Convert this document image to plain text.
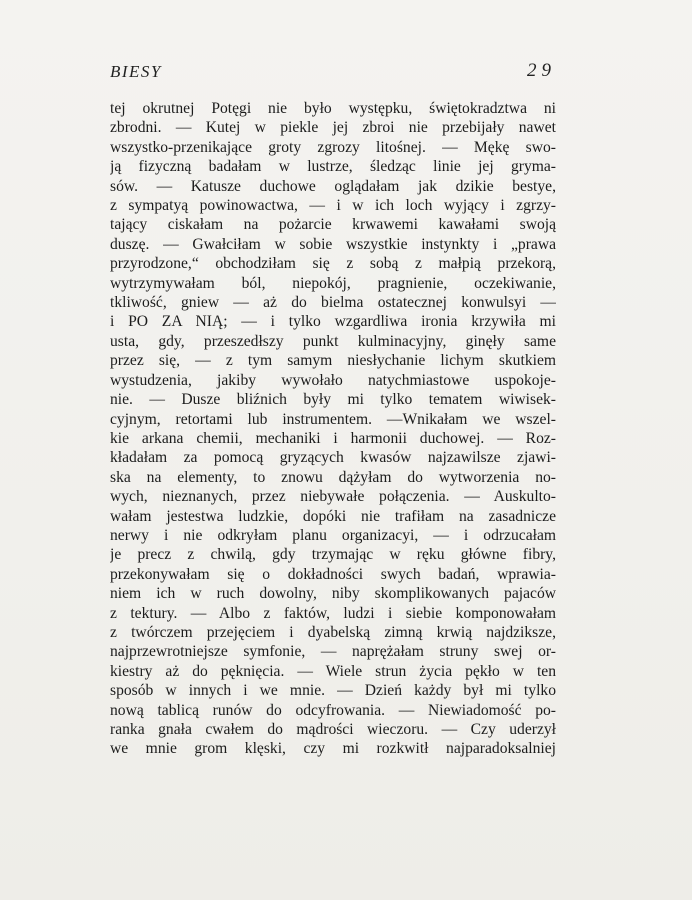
BIESY	29
tej okrutnej Potęgi nie było występku, świętokradztwa ni
zbrodni. — Kutej w piekle jej zbroi nie przebijały nawet
wszystko-przenikające groty zgrozy litośnej. — Mękę swo-
ją fizyczną badałam w lustrze, śledząc linie jej gryma-
sów. — Katusze duchowe oglądałam jak dzikie bestye,
z sympatyą powinowactwa, — i w ich loch wyjący i zgrzy-
tający ciskałam na pożarcie krwawemi kawałami swoją
duszę. — Gwałciłam w sobie wszystkie instynkty i „prawa
przyrodzone,“ obchodziłam się z sobą z małpią przekorą,
wytrzymywałam ból, niepokój, pragnienie, oczekiwanie,
tkliwość, gniew — aż do bielma ostatecznej konwulsyi —
i PO ZA NIĄ; — i tylko wzgardliwa ironia krzywiła mi
usta, gdy, przeszedłszy punkt kulminacyjny, ginęły same
przez się, — z tym samym niesłychanie lichym skutkiem
wystudzenia, jakiby wywołało natychmiastowe uspokoje-
nie. — Dusze bliźnich były mi tylko tematem wiwisek-
cyjnym, retortami lub instrumentem. —Wnikałam we wszel-
kie arkana chemii, mechaniki i harmonii duchowej. — Roz-
kładałam za pomocą gryzących kwasów najzawilsze zjawi-
ska na elementy, to znowu dążyłam do wytworzenia no-
wych, nieznanych, przez niebywałe połączenia. — Auskulto-
wałam jestestwa ludzkie, dopóki nie trafiłam na zasadnicze
nerwy i nie odkryłam planu organizacyi, — i odrzucałam
je precz z chwilą, gdy trzymając w ręku główne fibry,
przekonywałam się o dokładności swych badań, wprawia-
niem ich w ruch dowolny, niby skomplikowanych pajaców
z tektury. — Albo z faktów, ludzi i siebie komponowałam
z twórczem przejęciem i dyabelską zimną krwią najdziksze,
najprzewrotniejsze symfonie, — naprężałam struny swej or-
kiestry aż do pęknięcia. — Wiele strun życia pękło w ten
sposób w innych i we mnie. — Dzień każdy był mi tylko
nową tablicą runów do odcyfrowania. — Niewiadomość po-
ranka gnała cwałem do mądrości wieczoru. — Czy uderzył
we mnie grom klęski, czy mi rozkwitł najparadoksalniej
